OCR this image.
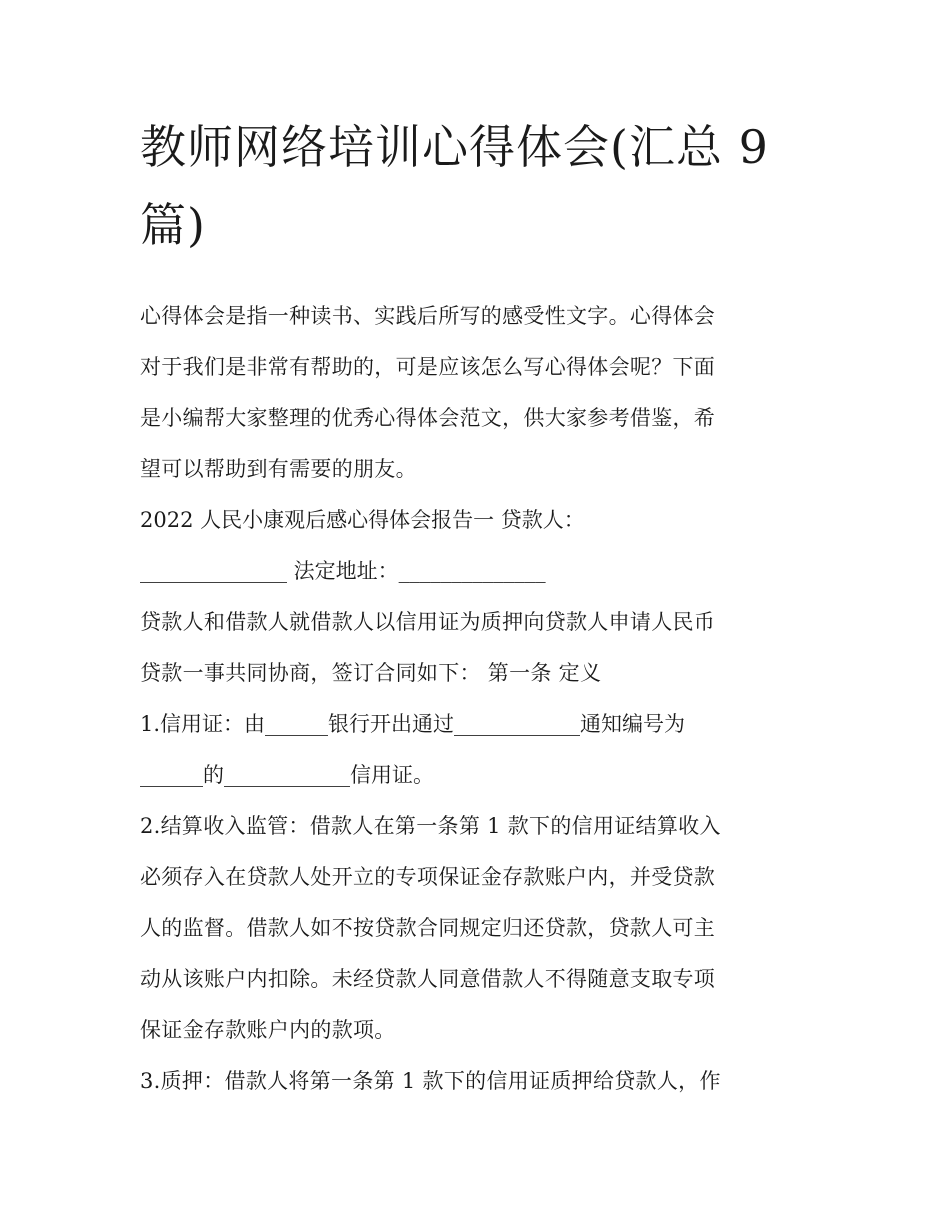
教师网络培训心得体会(汇总 9
篇)

心得体会是指一种读书、实践后所写的感受性文字。心得体会
对于我们是非常有帮助的，可是应该怎么写心得体会呢？下面
是小编帮大家整理的优秀心得体会范文，供大家参考借鉴，希
望可以帮助到有需要的朋友。

2022 人民小康观后感心得体会报告一 贷款人：
______________ 法定地址：______________

贷款人和借款人就借款人以信用证为质押向贷款人申请人民币
贷款一事共同协商，签订合同如下： 第一条 定义

1.信用证：由______银行开出通过____________通知编号为
______的____________信用证。

2.结算收入监管：借款人在第一条第 1 款下的信用证结算收入
必须存入在贷款人处开立的专项保证金存款账户内，并受贷款
人的监督。借款人如不按贷款合同规定归还贷款，贷款人可主
动从该账户内扣除。未经贷款人同意借款人不得随意支取专项
保证金存款账户内的款项。

3.质押：借款人将第一条第 1 款下的信用证质押给贷款人，作
